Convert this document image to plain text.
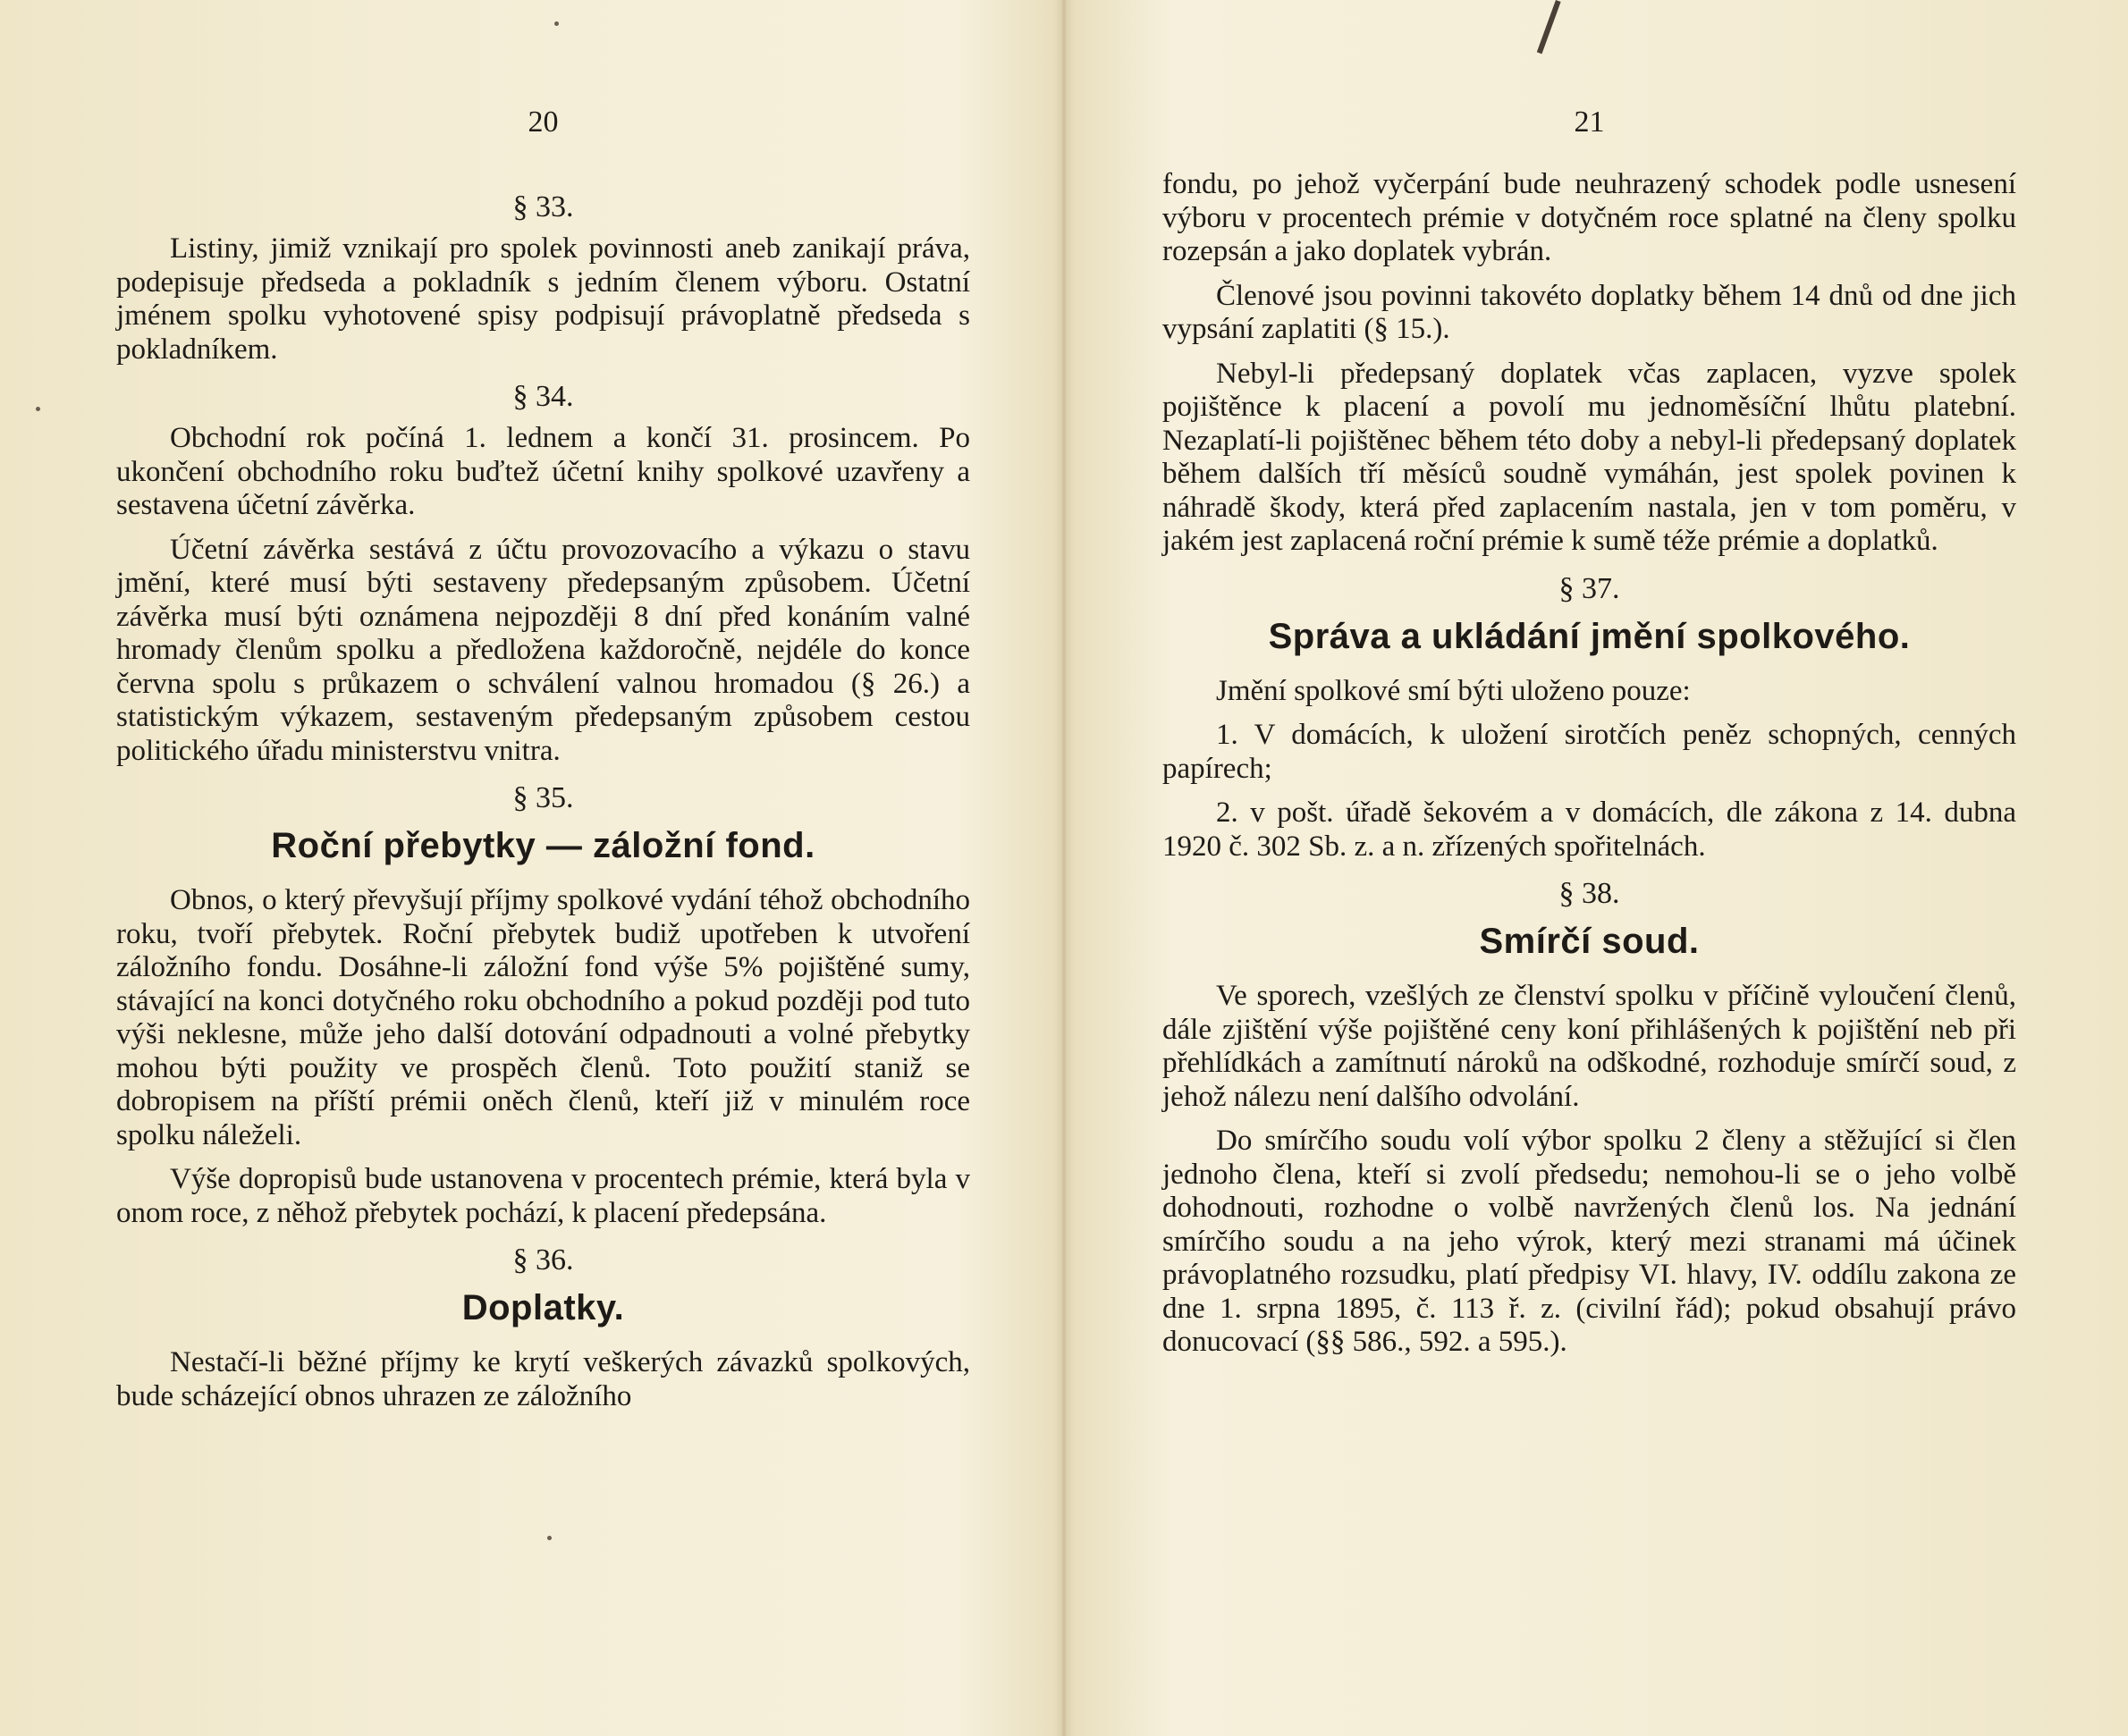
20
§ 33.

Listiny, jimiž vznikají pro spolek povinnosti aneb zanikají práva, podepisuje předseda a pokladník s jedním členem výboru. Ostatní jménem spolku vyhotovené spisy podpisují právoplatně předseda s pokladníkem.

§ 34.

Obchodní rok počíná 1. lednem a končí 31. prosincem. Po ukončení obchodního roku buďtež účetní knihy spolkové uzavřeny a sestavena účetní závěrka.

Účetní závěrka sestává z účtu provozovacího a výkazu o stavu jmění, které musí býti sestaveny předepsaným způsobem. Účetní závěrka musí býti oznámena nejpozději 8 dní před konáním valné hromady členům spolku a předložena každoročně, nejdéle do konce června spolu s průkazem o schválení valnou hromadou (§ 26.) a statistickým výkazem, sestaveným předepsaným způsobem cestou politického úřadu ministerstvu vnitra.

§ 35.
Roční přebytky — záložní fond.

Obnos, o který převyšují příjmy spolkové vydání téhož obchodního roku, tvoří přebytek. Roční přebytek budiž upotřeben k utvoření záložního fondu. Dosáhne-li záložní fond výše 5% pojištěné sumy, stávající na konci dotyčného roku obchodního a pokud později pod tuto výši neklesne, může jeho další dotování odpadnouti a volné přebytky mohou býti použity ve prospěch členů. Toto použití staniž se dobropisem na příští prémii oněch členů, kteří již v minulém roce spolku náleželi.

Výše dopropisů bude ustanovena v procentech prémie, která byla v onom roce, z něhož přebytek pochází, k placení předepsána.

§ 36.
Doplatky.

Nestačí-li běžné příjmy ke krytí veškerých závazků spolkových, bude scházející obnos uhrazen ze záložního

21

fondu, po jehož vyčerpání bude neuhrazený schodek podle usnesení výboru v procentech prémie v dotyčném roce splatné na členy spolku rozepsán a jako doplatek vybrán.

Členové jsou povinni takovéto doplatky během 14 dnů od dne jich vypsání zaplatiti (§ 15.).

Nebyl-li předepsaný doplatek včas zaplacen, vyzve spolek pojištěnce k placení a povolí mu jednoměsíční lhůtu platební. Nezaplatí-li pojištěnec během této doby a nebyl-li předepsaný doplatek během dalších tří měsíců soudně vymáhán, jest spolek povinen k náhradě škody, která před zaplacením nastala, jen v tom poměru, v jakém jest zaplacená roční prémie k sumě téže prémie a doplatků.

§ 37.
Správa a ukládání jmění spolkového.

Jmění spolkové smí býti uloženo pouze:

1. V domácích, k uložení sirotčích peněz schopných, cenných papírech;

2. v pošt. úřadě šekovém a v domácích, dle zákona z 14. dubna 1920 č. 302 Sb. z. a n. zřízených spořitelnách.

§ 38.
Smírčí soud.

Ve sporech, vzešlých ze členství spolku v příčině vyloučení členů, dále zjištění výše pojištěné ceny koní přihlášených k pojištění neb při přehlídkách a zamítnutí nároků na odškodné, rozhoduje smírčí soud, z jehož nálezu není dalšího odvolání.

Do smírčího soudu volí výbor spolku 2 členy a stěžující si člen jednoho člena, kteří si zvolí předsedu; nemohou-li se o jeho volbě dohodnouti, rozhodne o volbě navržených členů los. Na jednání smírčího soudu a na jeho výrok, který mezi stranami má účinek právoplatného rozsudku, platí předpisy VI. hlavy, IV. oddílu zakona ze dne 1. srpna 1895, č. 113 ř. z. (civilní řád); pokud obsahují právo donucovací (§§ 586., 592. a 595.).
